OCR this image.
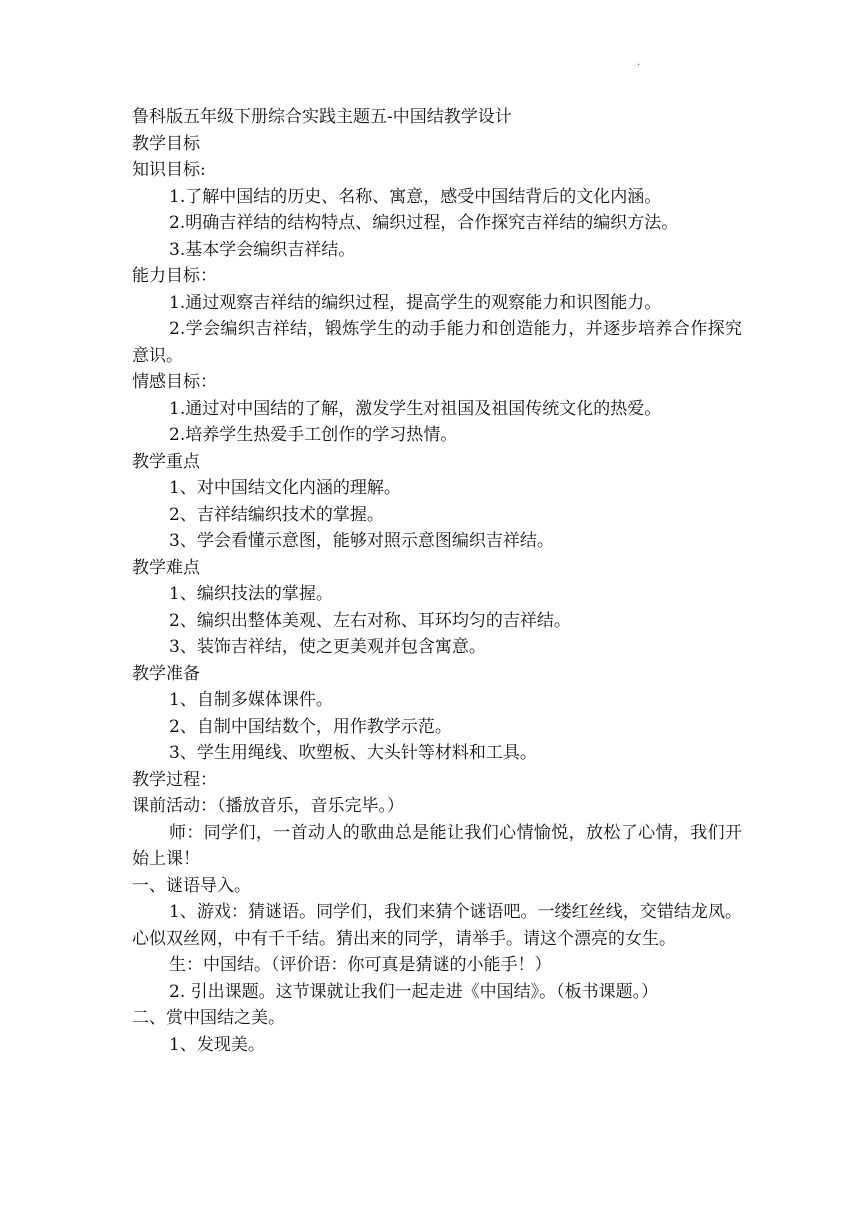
·
鲁科版五年级下册综合实践主题五-中国结教学设计
教学目标
知识目标:
1.了解中国结的历史、名称、寓意，感受中国结背后的文化内涵。
2.明确吉祥结的结构特点、编织过程，合作探究吉祥结的编织方法。
3.基本学会编织吉祥结。
能力目标：
1.通过观察吉祥结的编织过程，提高学生的观察能力和识图能力。
2.学会编织吉祥结，锻炼学生的动手能力和创造能力，并逐步培养合作探究意识。
情感目标：
1.通过对中国结的了解，激发学生对祖国及祖国传统文化的热爱。
2.培养学生热爱手工创作的学习热情。
教学重点
1、对中国结文化内涵的理解。
2、吉祥结编织技术的掌握。
3、学会看懂示意图，能够对照示意图编织吉祥结。
教学难点
1、编织技法的掌握。
2、编织出整体美观、左右对称、耳环均匀的吉祥结。
3、装饰吉祥结，使之更美观并包含寓意。
教学准备
1、自制多媒体课件。
2、自制中国结数个，用作教学示范。
3、学生用绳线、吹塑板、大头针等材料和工具。
教学过程：
课前活动：（播放音乐，音乐完毕。）
师：同学们，一首动人的歌曲总是能让我们心情愉悦，放松了心情，我们开始上课！
一、谜语导入。
1、游戏：猜谜语。同学们，我们来猜个谜语吧。一缕红丝线，交错结龙凤。心似双丝网，中有千千结。猜出来的同学，请举手。请这个漂亮的女生。
生：中国结。（评价语：你可真是猜谜的小能手！）
2. 引出课题。这节课就让我们一起走进《中国结》。（板书课题。）
二、赏中国结之美。
1、发现美。
